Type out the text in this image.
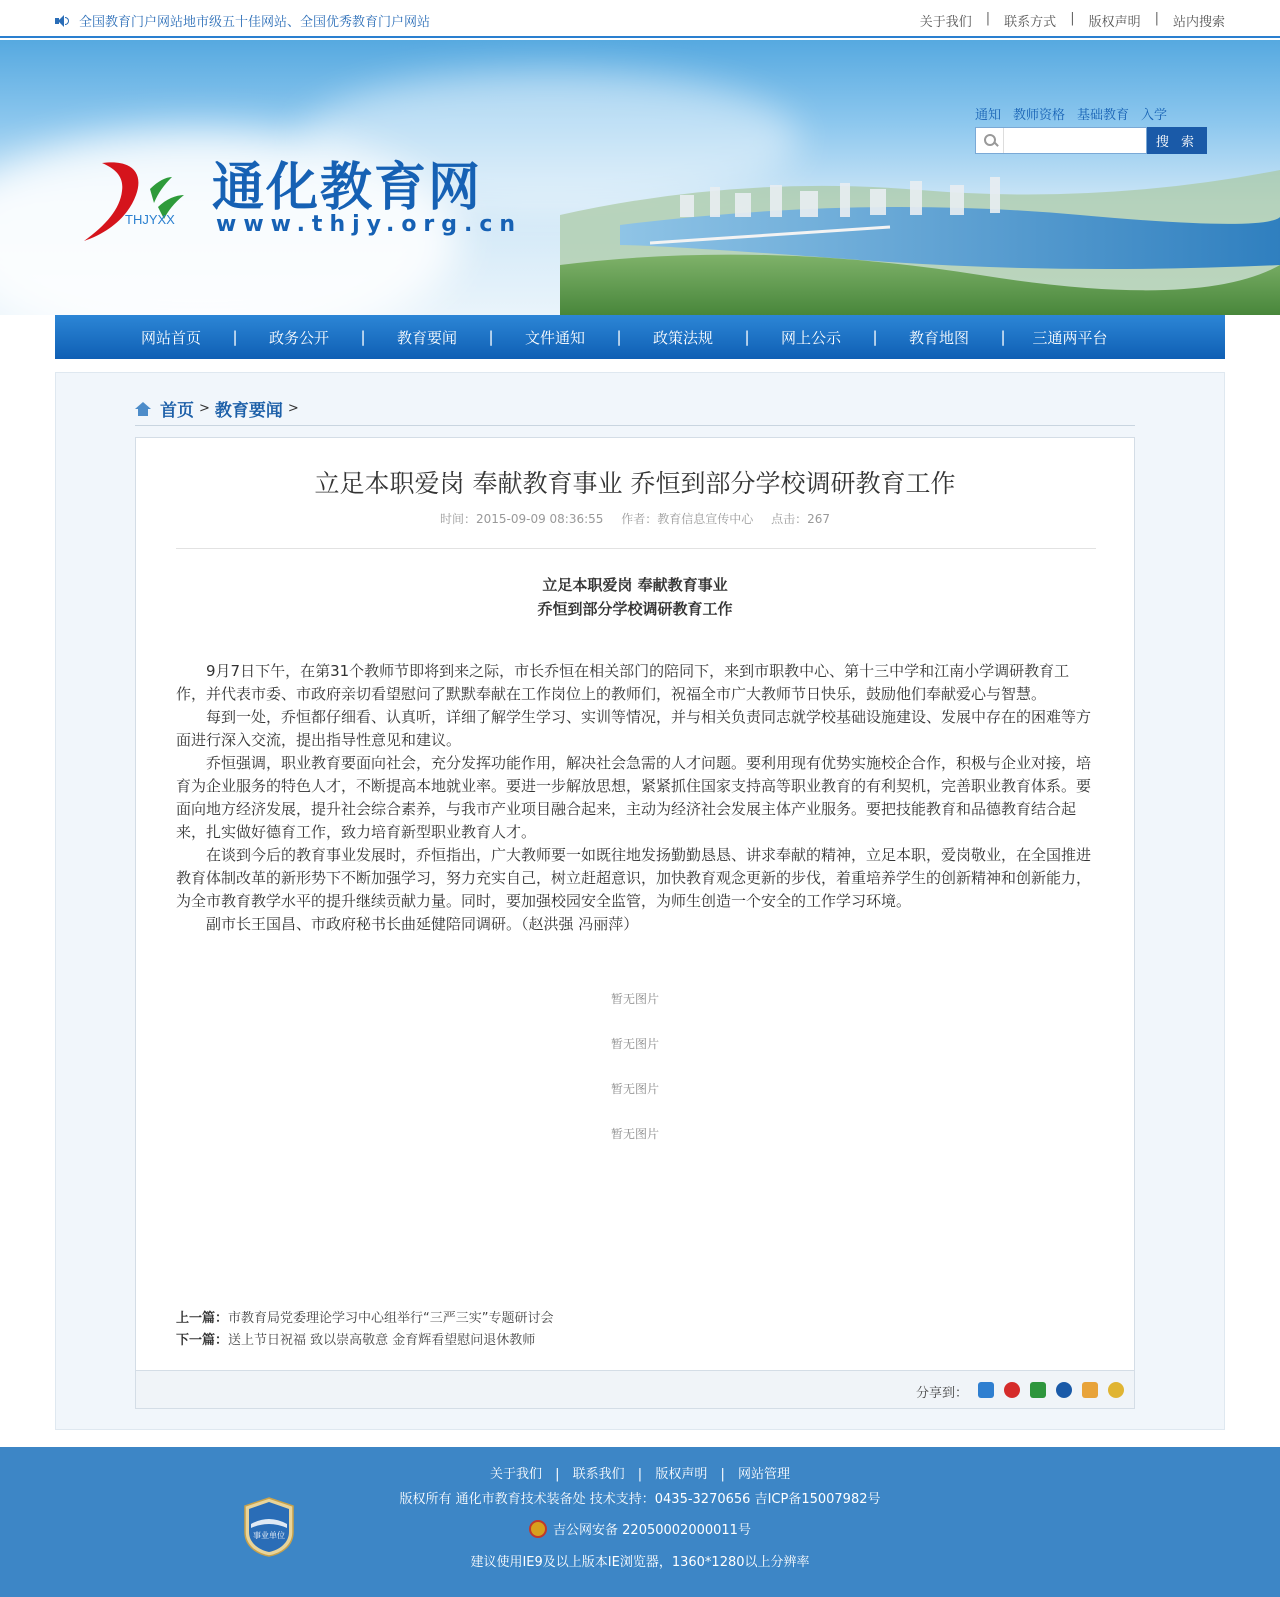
全国教育门户网站地市级五十佳网站、全国优秀教育门户网站	关于我们 | 联系方式 | 版权声明 | 站内搜索
THJYXX
通化教育网
www.thjy.org.cn
通知 教师资格 基础教育 入学
搜 索
网站首页	|	政务公开	|	教育要闻	|	文件通知	|	政策法规	|	网上公示	|	教育地图	|	三通两平台
首页 > 教育要闻 >
立足本职爱岗 奉献教育事业 乔恒到部分学校调研教育工作
时间：2015-09-09 08:36:55 作者：教育信息宣传中心 点击：267
立足本职爱岗 奉献教育事业
乔恒到部分学校调研教育工作

9月7日下午，在第31个教师节即将到来之际，市长乔恒在相关部门的陪同下，来到市职教中心、第十三中学和江南小学调研教育工作，并代表市委、市政府亲切看望慰问了默默奉献在工作岗位上的教师们，祝福全市广大教师节日快乐，鼓励他们奉献爱心与智慧。

每到一处，乔恒都仔细看、认真听，详细了解学生学习、实训等情况，并与相关负责同志就学校基础设施建设、发展中存在的困难等方面进行深入交流，提出指导性意见和建议。

乔恒强调，职业教育要面向社会，充分发挥功能作用，解决社会急需的人才问题。要利用现有优势实施校企合作，积极与企业对接，培育为企业服务的特色人才，不断提高本地就业率。要进一步解放思想，紧紧抓住国家支持高等职业教育的有利契机，完善职业教育体系。要面向地方经济发展，提升社会综合素养，与我市产业项目融合起来，主动为经济社会发展主体产业服务。要把技能教育和品德教育结合起来，扎实做好德育工作，致力培育新型职业教育人才。

在谈到今后的教育事业发展时，乔恒指出，广大教师要一如既往地发扬勤勤恳恳、讲求奉献的精神，立足本职，爱岗敬业，在全国推进教育体制改革的新形势下不断加强学习，努力充实自己，树立赶超意识，加快教育观念更新的步伐，着重培养学生的创新精神和创新能力，为全市教育教学水平的提升继续贡献力量。同时，要加强校园安全监管，为师生创造一个安全的工作学习环境。

副市长王国昌、市政府秘书长曲延健陪同调研。（赵洪强 冯丽萍）

暂无图片
暂无图片
暂无图片
暂无图片
上一篇：市教育局党委理论学习中心组举行“三严三实”专题研讨会
下一篇：送上节日祝福 致以崇高敬意 金育辉看望慰问退休教师
分享到：
事业单位
关于我们 | 联系我们 | 版权声明 | 网站管理
版权所有 通化市教育技术装备处 技术支持：0435-3270656 吉ICP备15007982号
吉公网安备 22050002000011号
建议使用IE9及以上版本IE浏览器，1360*1280以上分辨率
